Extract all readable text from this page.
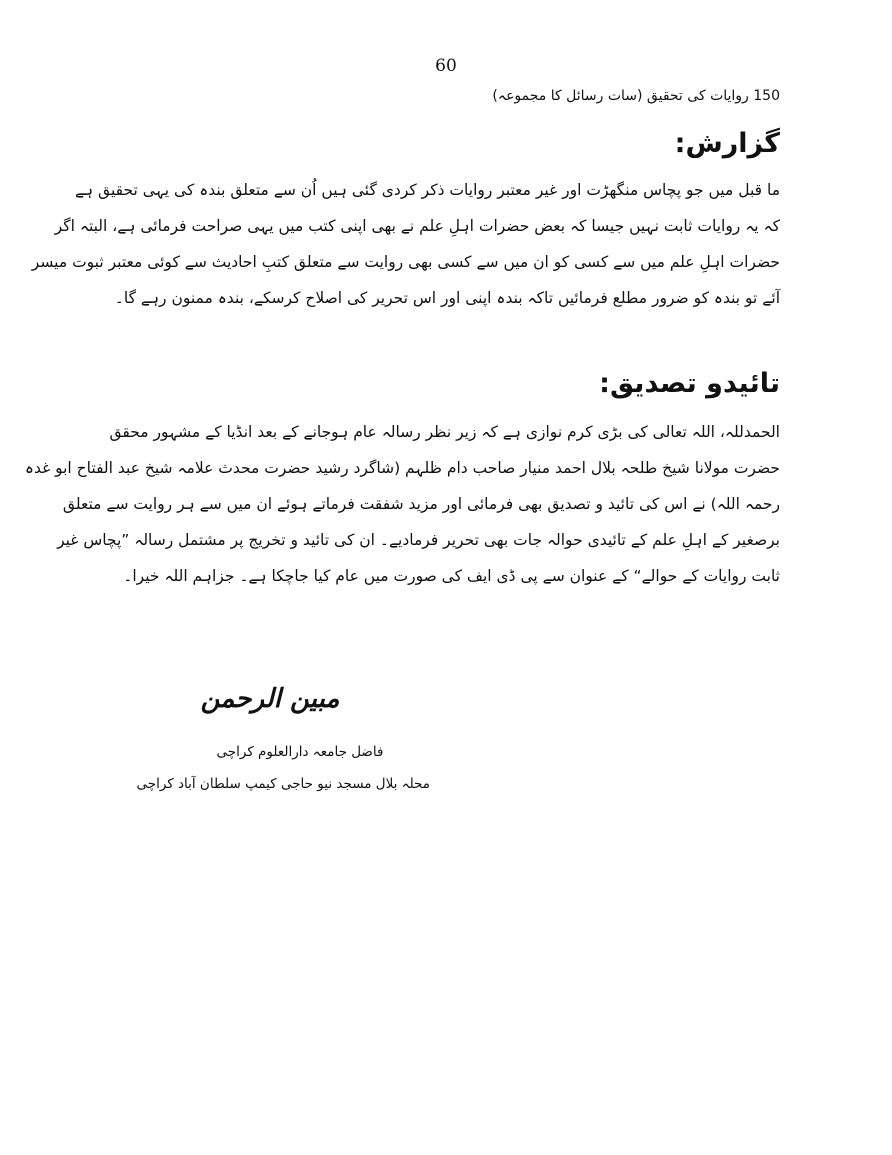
60
150 روایات کی تحقیق (سات رسائل کا مجموعہ)
گزارش:
ما قبل میں جو پچاس منگھڑت اور غیر معتبر روایات ذکر کردی گئی ہیں اُن سے متعلق بندہ کی یہی تحقیق ہے
کہ یہ روایات ثابت نہیں جیسا کہ بعض حضرات اہلِ علم نے بھی اپنی کتب میں یہی صراحت فرمائی ہے، البتہ اگر
حضرات اہلِ علم میں سے کسی کو ان میں سے کسی بھی روایت سے متعلق کتبِ احادیث سے کوئی معتبر ثبوت میسر
آئے تو بندہ کو ضرور مطلع فرمائیں تاکہ بندہ اپنی اور اس تحریر کی اصلاح کرسکے، بندہ ممنون رہے گا۔
تائیدو تصدیق:
الحمدللہ، اللہ تعالی کی بڑی کرم نوازی ہے کہ زیر نظر رسالہ عام ہوجانے کے بعد انڈیا کے مشہور محقق
حضرت مولانا شیخ طلحہ بلال احمد منیار صاحب دام ظلہم (شاگرد رشید حضرت محدث علامہ شیخ عبد الفتاح ابو غدہ
رحمہ اللہ) نے اس کی تائید و تصدیق بھی فرمائی اور مزید شفقت فرماتے ہوئے ان میں سے ہر روایت سے متعلق
برصغیر کے اہلِ علم کے تائیدی حوالہ جات بھی تحریر فرمادیے۔ ان کی تائید و تخریج پر مشتمل رسالہ ”پچاس غیر
ثابت روایات کے حوالے“ کے عنوان سے پی ڈی ایف کی صورت میں عام کیا جاچکا ہے۔ جزاہم اللہ خیرا۔
مبین الرحمن
فاضل جامعہ دارالعلوم کراچی
محلہ بلال مسجد نیو حاجی کیمپ سلطان آباد کراچی
